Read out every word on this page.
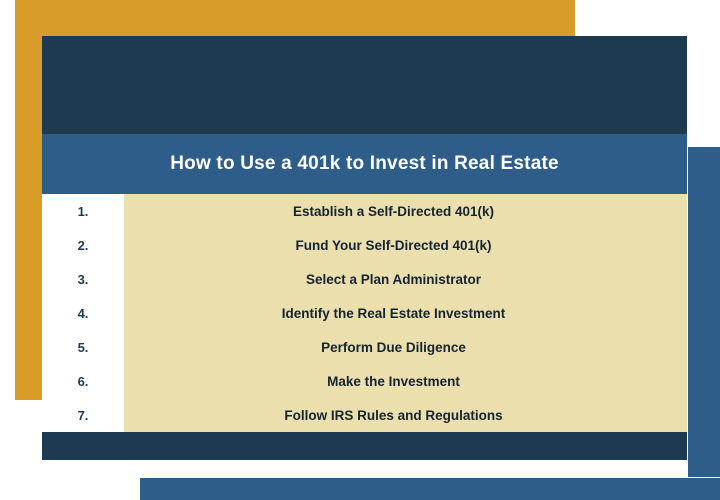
How to Use a 401k to Invest in Real Estate
1.	Establish a Self-Directed 401(k)
2.	Fund Your Self-Directed 401(k)
3.	Select a Plan Administrator
4.	Identify the Real Estate Investment
5.	Perform Due Diligence
6.	Make the Investment
7.	Follow IRS Rules and Regulations
